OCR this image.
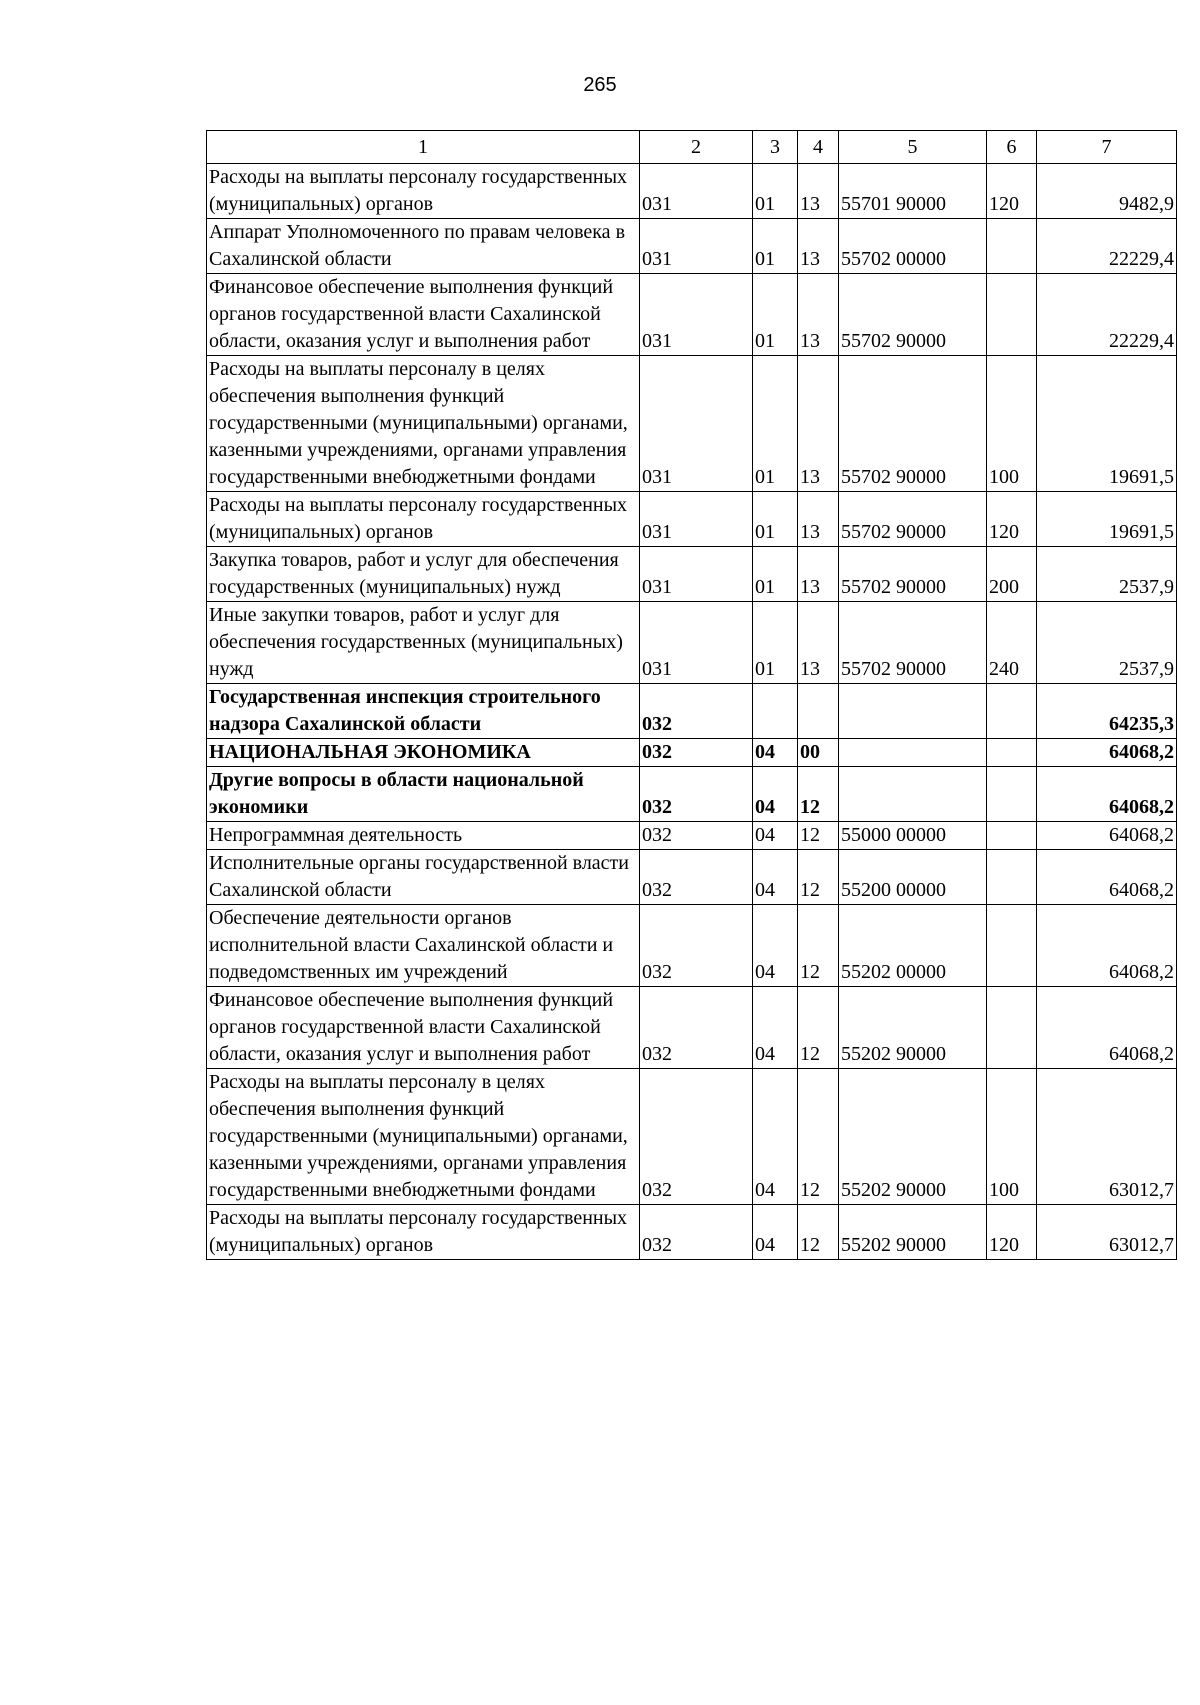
265
1	2	3	4	5	6	7
Расходы на выплаты персоналу государственных (муниципальных) органов	031	01	13	55701 90000	120	9482,9
Аппарат Уполномоченного по правам человека в Сахалинской области	031	01	13	55702 00000		22229,4
Финансовое обеспечение выполнения функций органов государственной власти Сахалинской области, оказания услуг и выполнения работ	031	01	13	55702 90000		22229,4
Расходы на выплаты персоналу в целях обеспечения выполнения функций государственными (муниципальными) органами, казенными учреждениями, органами управления государственными внебюджетными фондами	031	01	13	55702 90000	100	19691,5
Расходы на выплаты персоналу государственных (муниципальных) органов	031	01	13	55702 90000	120	19691,5
Закупка товаров, работ и услуг для обеспечения государственных (муниципальных) нужд	031	01	13	55702 90000	200	2537,9
Иные закупки товаров, работ и услуг для обеспечения государственных (муниципальных) нужд	031	01	13	55702 90000	240	2537,9
Государственная инспекция строительного надзора Сахалинской области	032					64235,3
НАЦИОНАЛЬНАЯ ЭКОНОМИКА	032	04	00			64068,2
Другие вопросы в области национальной экономики	032	04	12			64068,2
Непрограммная деятельность	032	04	12	55000 00000		64068,2
Исполнительные органы государственной власти Сахалинской области	032	04	12	55200 00000		64068,2
Обеспечение деятельности органов исполнительной власти Сахалинской области и подведомственных им учреждений	032	04	12	55202 00000		64068,2
Финансовое обеспечение выполнения функций органов государственной власти Сахалинской области, оказания услуг и выполнения работ	032	04	12	55202 90000		64068,2
Расходы на выплаты персоналу в целях обеспечения выполнения функций государственными (муниципальными) органами, казенными учреждениями, органами управления государственными внебюджетными фондами	032	04	12	55202 90000	100	63012,7
Расходы на выплаты персоналу государственных (муниципальных) органов	032	04	12	55202 90000	120	63012,7
